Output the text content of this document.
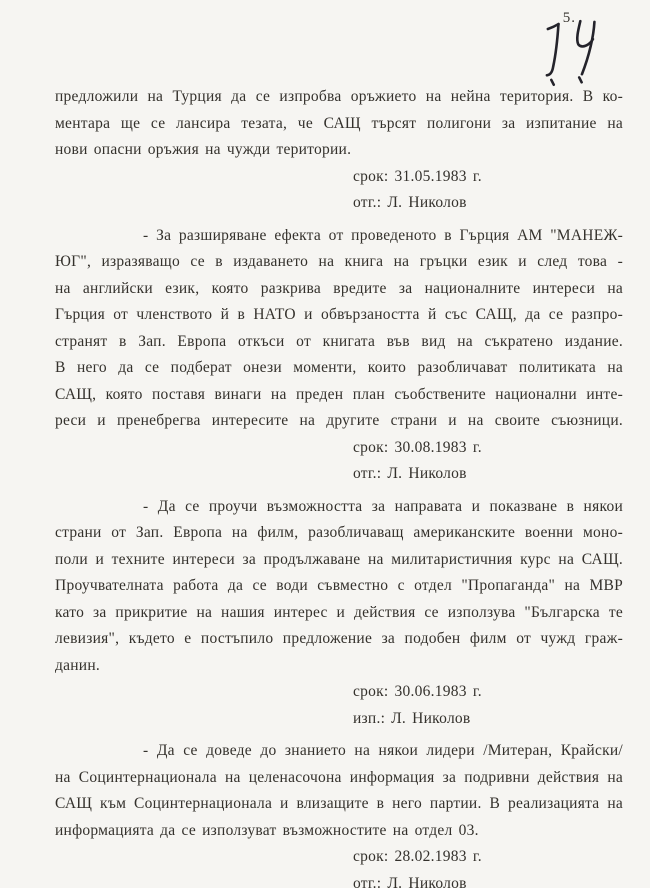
5.
предложили на Турция да се изпробва оръжието на нейна територия. В ко-
ментара ще се лансира тезата, че САЩ търсят полигони за изпитание на
нови опасни оръжия на чужди територии.
срок: 31.05.1983 г.
отг.: Л. Николов
- За разширяване ефекта от проведеното в Гърция АМ "МАНЕЖ-
ЮГ", изразяващо се в издаването на книга на гръцки език и след това -
на английски език, която разкрива вредите за националните интереси на
Гърция от членството й в НАТО и обвързаността й със САЩ, да се разпро-
странят в Зап. Европа откъси от книгата във вид на съкратено издание.
В него да се подберат онези моменти, които разобличават политиката на
САЩ, която поставя винаги на преден план съобствените национални инте-
реси и пренебрегва интересите на другите страни и на своите съюзници.
срок: 30.08.1983 г.
отг.: Л. Николов
- Да се проучи възможността за направата и показване в някои
страни от Зап. Европа на филм, разобличаващ американските военни моно-
поли и техните интереси за продължаване на милитаристичния курс на САЩ.
Проучвателната работа да се води съвместно с отдел "Пропаганда" на МВР
като за прикритие на нашия интерес и действия се използува "Българска те
левизия", където е постъпило предложение за подобен филм от чужд граж-
данин.
срок: 30.06.1983 г.
изп.: Л. Николов
- Да се доведе до знанието на някои лидери /Митеран, Крайски/
на Социнтернационала на целенасочона информация за подривни действия на
САЩ към Социнтернационала и влизащите в него партии. В реализацията на
информацията да се използуват възможностите на отдел 03.
срок: 28.02.1983 г.
отг.: Л. Николов
